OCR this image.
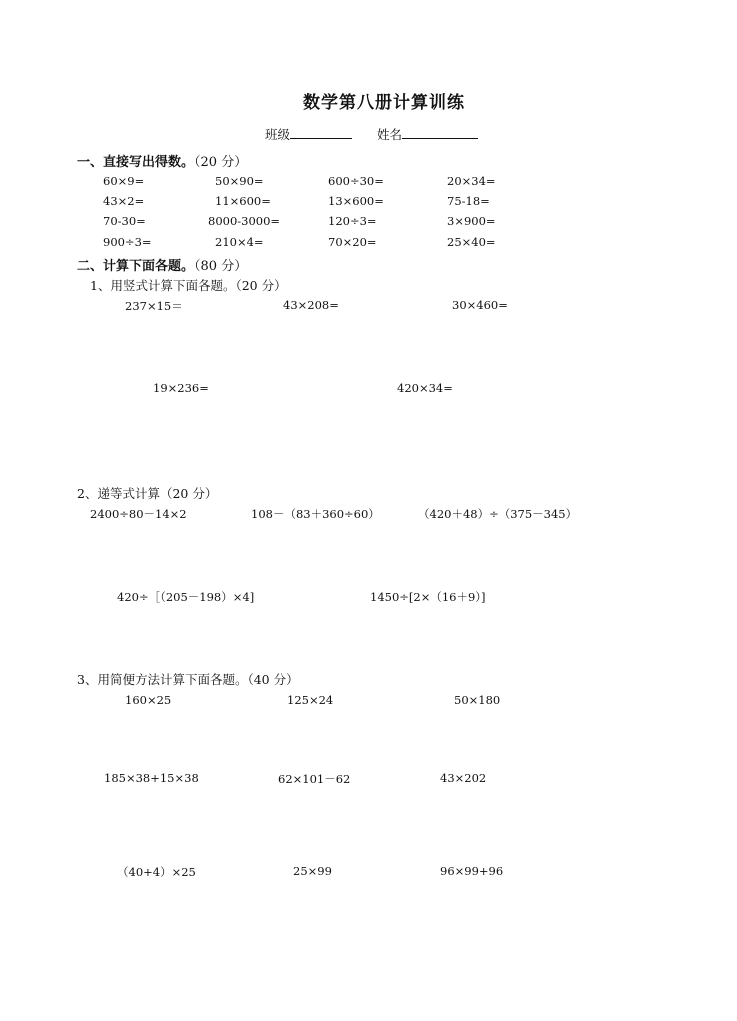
数学第八册计算训练
班级	姓名
一、直接写出得数。（20 分）
60×9=	50×90=	600÷30=	20×34=
43×2=	11×600=	13×600=	75-18=
70-30=	8000-3000=	120÷3=	3×900=
900÷3=	210×4=	70×20=	25×40=
二、计算下面各题。（80 分）
1、用竖式计算下面各题。（20 分）
237×15＝	43×208=	30×460=
19×236=	420×34=
2、递等式计算（20 分）
2400÷80－14×2	108－（83＋360÷60）	（420＋48）÷（375－345）
420÷［（205－198）×4]	1450÷[2×（16＋9）]
3、用简便方法计算下面各题。（40 分）
160×25	125×24	50×180
185×38+15×38	62×101－62	43×202
（40+4）×25	25×99	96×99+96
